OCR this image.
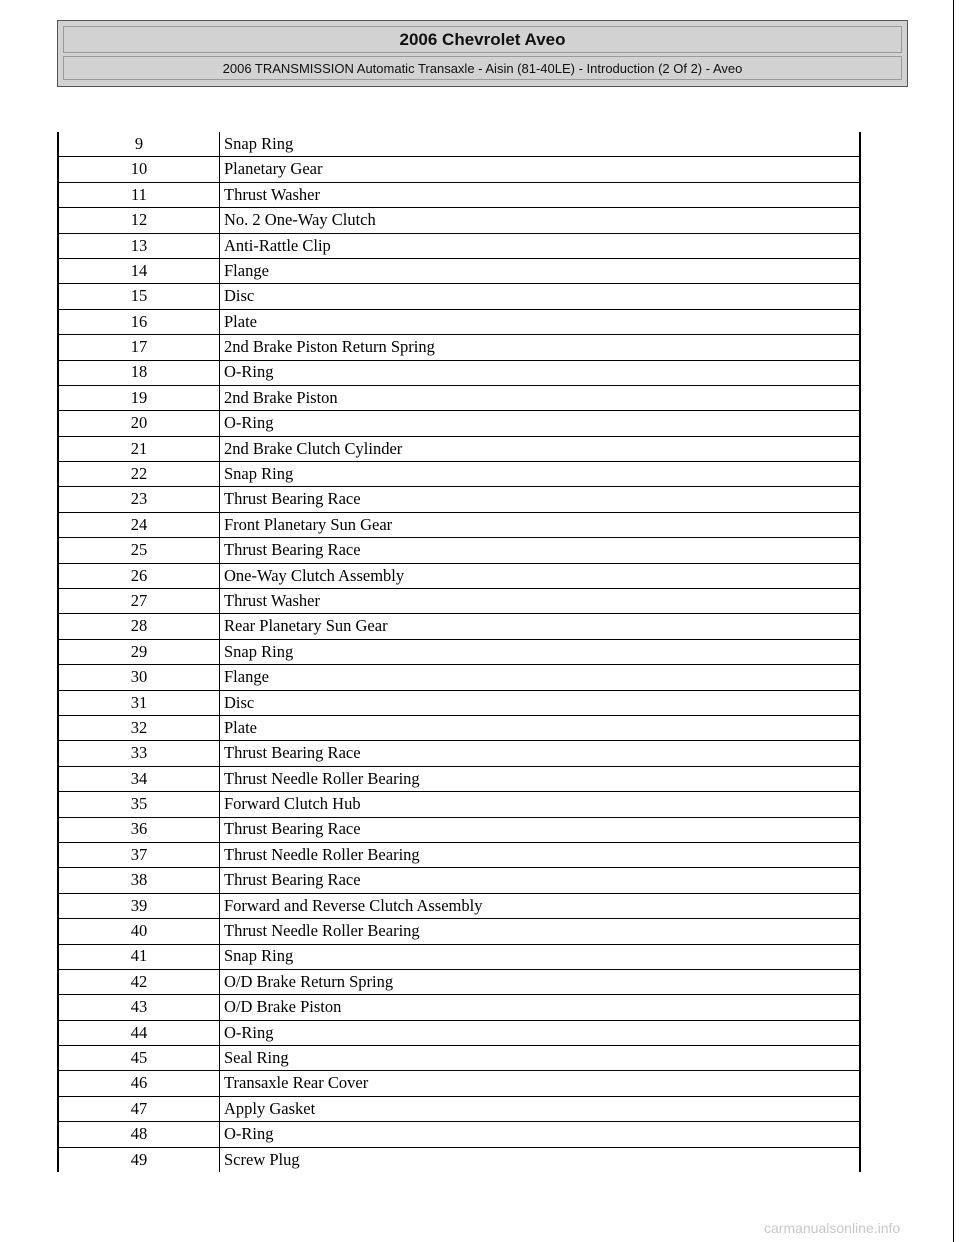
2006 Chevrolet Aveo
2006 TRANSMISSION Automatic Transaxle - Aisin (81-40LE) - Introduction (2 Of 2) - Aveo
9	Snap Ring
10	Planetary Gear
11	Thrust Washer
12	No. 2 One-Way Clutch
13	Anti-Rattle Clip
14	Flange
15	Disc
16	Plate
17	2nd Brake Piston Return Spring
18	O-Ring
19	2nd Brake Piston
20	O-Ring
21	2nd Brake Clutch Cylinder
22	Snap Ring
23	Thrust Bearing Race
24	Front Planetary Sun Gear
25	Thrust Bearing Race
26	One-Way Clutch Assembly
27	Thrust Washer
28	Rear Planetary Sun Gear
29	Snap Ring
30	Flange
31	Disc
32	Plate
33	Thrust Bearing Race
34	Thrust Needle Roller Bearing
35	Forward Clutch Hub
36	Thrust Bearing Race
37	Thrust Needle Roller Bearing
38	Thrust Bearing Race
39	Forward and Reverse Clutch Assembly
40	Thrust Needle Roller Bearing
41	Snap Ring
42	O/D Brake Return Spring
43	O/D Brake Piston
44	O-Ring
45	Seal Ring
46	Transaxle Rear Cover
47	Apply Gasket
48	O-Ring
49	Screw Plug
carmanualsonline.info
